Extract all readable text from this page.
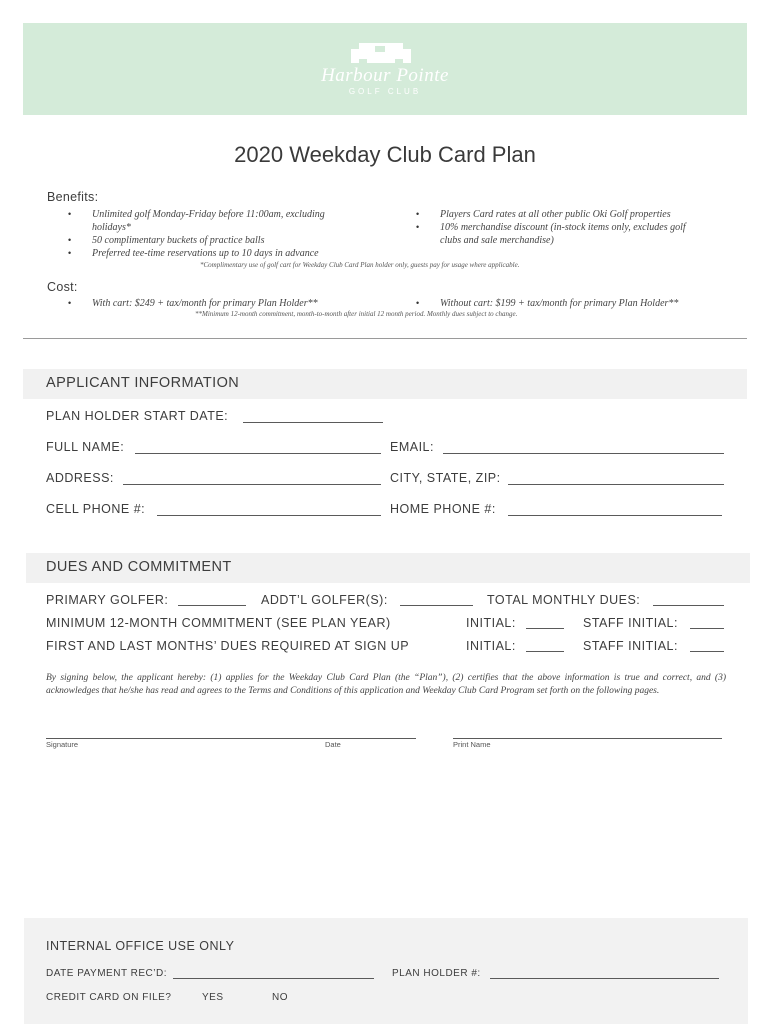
Harbour Pointe
GOLF CLUB
2020 Weekday Club Card Plan
Benefits:
• Unlimited golf Monday-Friday before 11:00am, excluding
holidays*
• 50 complimentary buckets of practice balls
• Preferred tee-time reservations up to 10 days in advance
• Players Card rates at all other public Oki Golf properties
• 10% merchandise discount (in-stock items only, excludes golf
clubs and sale merchandise)
*Complimentary use of golf cart for Weekday Club Card Plan holder only, guests pay for usage where applicable.
Cost:
• With cart: $249 + tax/month for primary Plan Holder**	• Without cart: $199 + tax/month for primary Plan Holder**
**Minimum 12-month commitment, month-to-month after initial 12 month period. Monthly dues subject to change.
APPLICANT INFORMATION
PLAN HOLDER START DATE:
FULL NAME:	EMAIL:
ADDRESS:	CITY, STATE, ZIP:
CELL PHONE #:	HOME PHONE #:
DUES AND COMMITMENT
PRIMARY GOLFER:	ADDT’L GOLFER(S):	TOTAL MONTHLY DUES:
MINIMUM 12-MONTH COMMITMENT (SEE PLAN YEAR)	INITIAL:	STAFF INITIAL:
FIRST AND LAST MONTHS’ DUES REQUIRED AT SIGN UP	INITIAL:	STAFF INITIAL:
By signing below, the applicant hereby: (1) applies for the Weekday Club Card Plan (the “Plan”), (2) certifies that the above information is true and correct, and (3) acknowledges that he/she has read and agrees to the Terms and Conditions of this application and Weekday Club Card Program set forth on the following pages.
Signature	Date	Print Name
INTERNAL OFFICE USE ONLY
DATE PAYMENT REC’D:	PLAN HOLDER #:
CREDIT CARD ON FILE?	YES	NO
